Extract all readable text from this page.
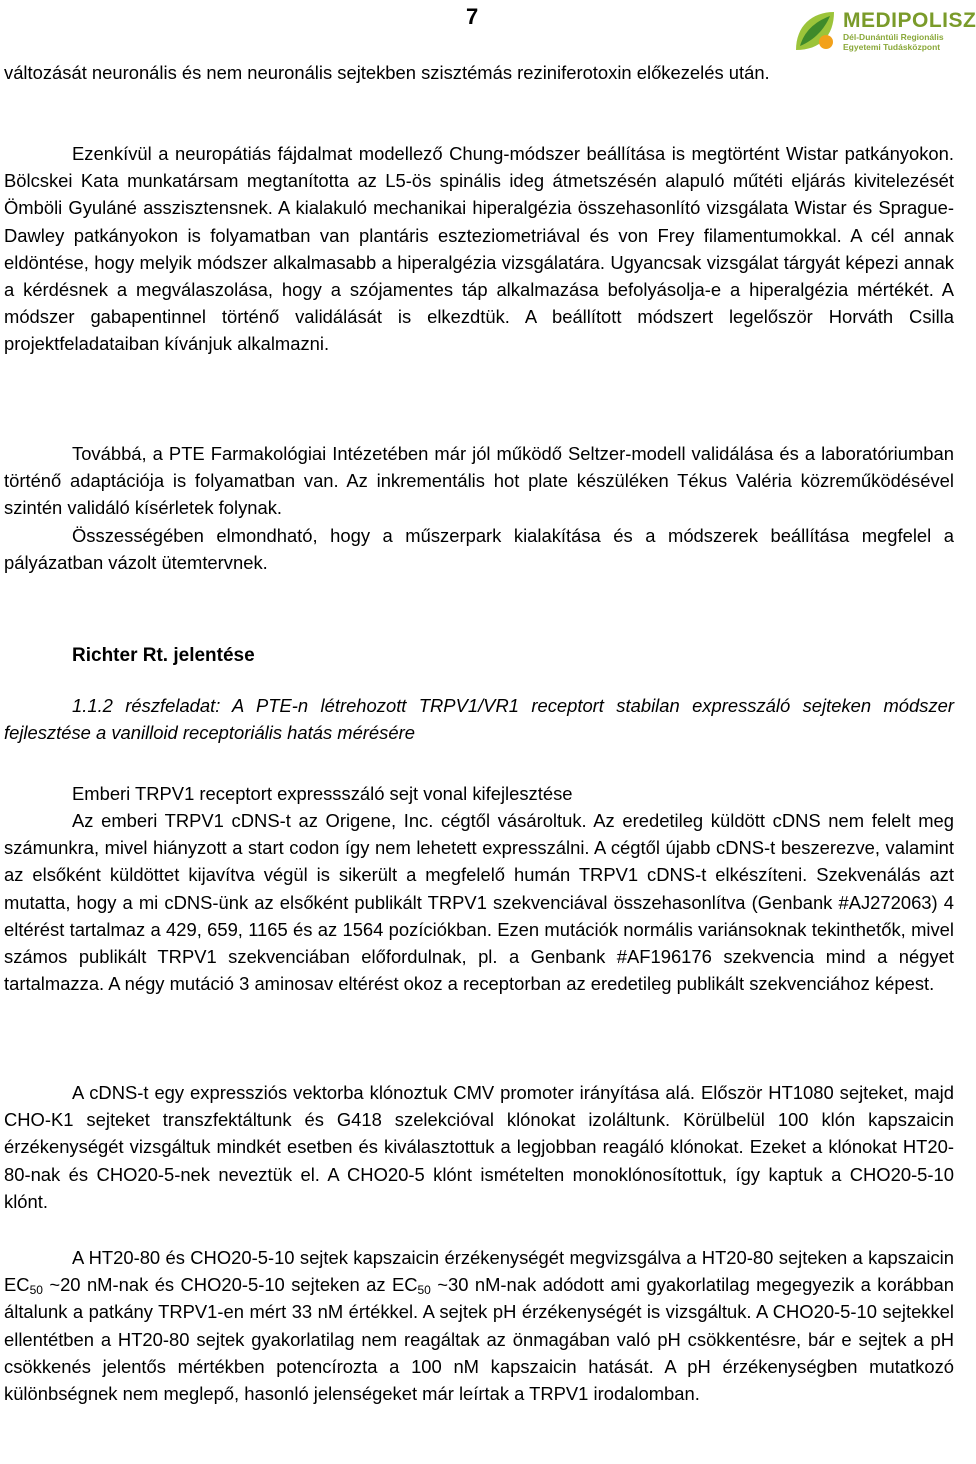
7	MEDIPOLISZ
Dél-Dunántúli Regionális
Egyetemi Tudásközpont

változását neuronális és nem neuronális sejtekben szisztémás reziniferotoxin előkezelés után.

Ezenkívül a neuropátiás fájdalmat modellező Chung-módszer beállítása is megtörtént Wistar patkányokon. Bölcskei Kata munkatársam megtanította az L5-ös spinális ideg átmetszésén alapuló műtéti eljárás kivitelezését Ömböli Gyuláné asszisztensnek. A kialakuló mechanikai hiperalgézia összehasonlító vizsgálata Wistar és Sprague-Dawley patkányokon is folyamatban van plantáris eszteziometriával és von Frey filamentumokkal. A cél annak eldöntése, hogy melyik módszer alkalmasabb a hiperalgézia vizsgálatára. Ugyancsak vizsgálat tárgyát képezi annak a kérdésnek a megválaszolása, hogy a szójamentes táp alkalmazása befolyásolja-e a hiperalgézia mértékét. A módszer gabapentinnel történő validálását is elkezdtük. A beállított módszert legelőször Horváth Csilla projektfeladataiban kívánjuk alkalmazni.

Továbbá, a PTE Farmakológiai Intézetében már jól működő Seltzer-modell validálása és a laboratóriumban történő adaptációja is folyamatban van. Az inkrementális hot plate készüléken Tékus Valéria közreműködésével szintén validáló kísérletek folynak.

Összességében elmondható, hogy a műszerpark kialakítása és a módszerek beállítása megfelel a pályázatban vázolt ütemtervnek.

Richter Rt. jelentése

1.1.2 részfeladat: A PTE-n létrehozott TRPV1/VR1 receptort stabilan expresszáló sejteken módszer fejlesztése a vanilloid receptoriális hatás mérésére

Emberi TRPV1 receptort expressszáló sejt vonal kifejlesztése

Az emberi TRPV1 cDNS-t az Origene, Inc. cégtől vásároltuk. Az eredetileg küldött cDNS nem felelt meg számunkra, mivel hiányzott a start codon így nem lehetett expresszálni. A cégtől újabb cDNS-t beszerezve, valamint az elsőként küldöttet kijavítva végül is sikerült a megfelelő humán TRPV1 cDNS-t elkészíteni. Szekvenálás azt mutatta, hogy a mi cDNS-ünk az elsőként publikált TRPV1 szekvenciával összehasonlítva (Genbank #AJ272063) 4 eltérést tartalmaz a 429, 659, 1165 és az 1564 pozíciókban. Ezen mutációk normális variánsoknak tekinthetők, mivel számos publikált TRPV1 szekvenciában előfordulnak, pl. a Genbank #AF196176 szekvencia mind a négyet tartalmazza. A négy mutáció 3 aminosav eltérést okoz a receptorban az eredetileg publikált szekvenciához képest.

A cDNS-t egy expressziós vektorba klónoztuk CMV promoter irányítása alá. Először HT1080 sejteket, majd CHO-K1 sejteket transzfektáltunk és G418 szelekcióval klónokat izoláltunk. Körülbelül 100 klón kapszaicin érzékenységét vizsgáltuk mindkét esetben és kiválasztottuk a legjobban reagáló klónokat. Ezeket a klónokat HT20-80-nak és CHO20-5-nek neveztük el. A CHO20-5 klónt ismételten monoklónosítottuk, így kaptuk a CHO20-5-10 klónt.

A HT20-80 és CHO20-5-10 sejtek kapszaicin érzékenységét megvizsgálva a HT20-80 sejteken a kapszaicin $EC_{50}$ ~20 nM-nak és CHO20-5-10 sejteken az $EC_{50}$ ~30 nM-nak adódott ami gyakorlatilag megegyezik a korábban általunk a patkány TRPV1-en mért 33 nM értékkel. A sejtek pH érzékenységét is vizsgáltuk. A CHO20-5-10 sejtekkel ellentétben a HT20-80 sejtek gyakorlatilag nem reagáltak az önmagában való pH csökkentésre, bár e sejtek a pH csökkenés jelentős mértékben potencírozta a 100 nM kapszaicin hatását. A pH érzékenységben mutatkozó különbségnek nem meglepő, hasonló jelenségeket már leírtak a TRPV1 irodalomban.
